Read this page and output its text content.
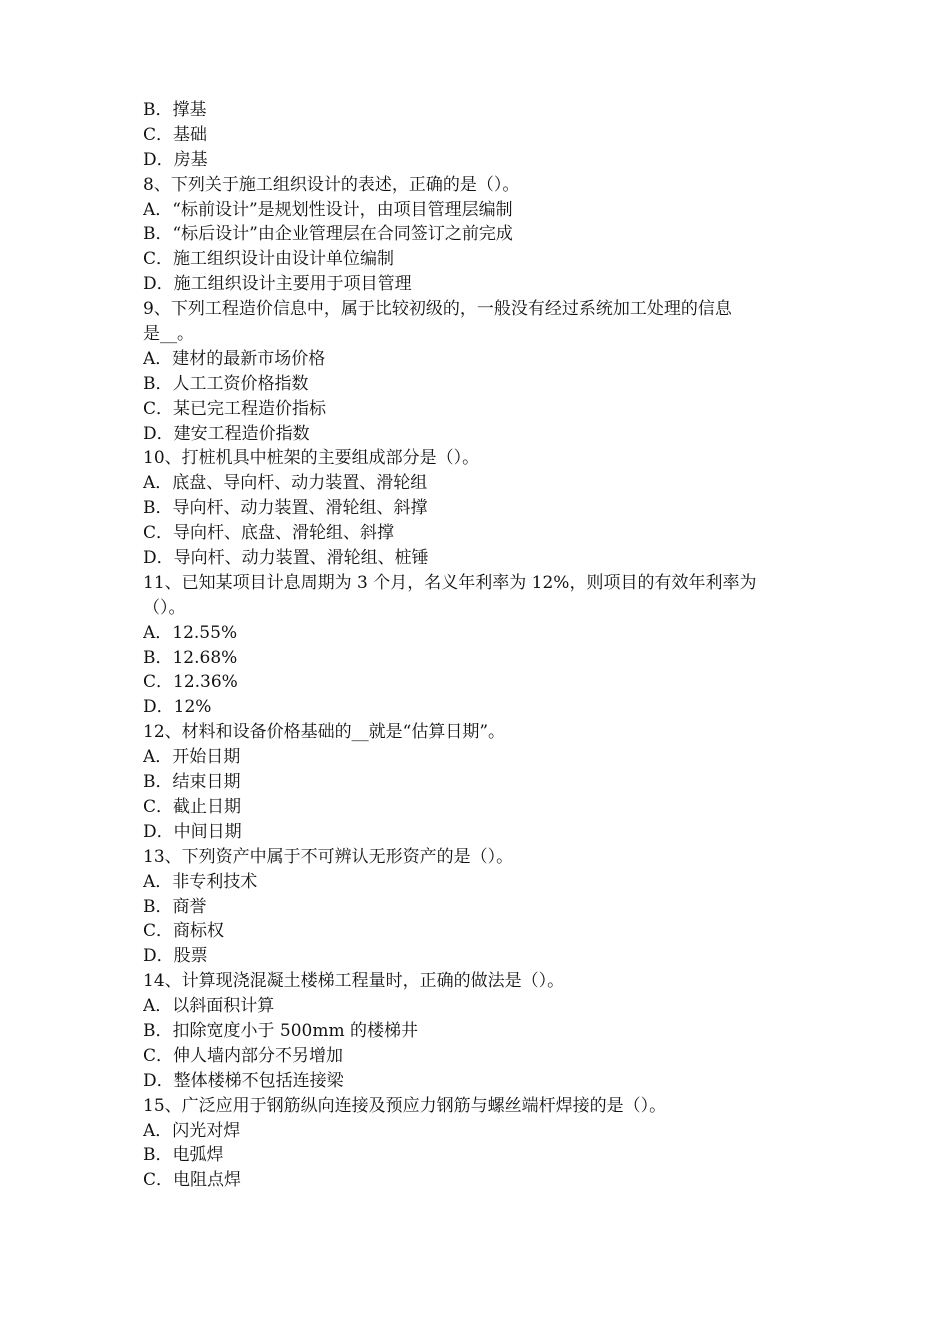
B．撑基
C．基础
D．房基
8、下列关于施工组织设计的表述，正确的是（）。
A．“标前设计”是规划性设计，由项目管理层编制
B．“标后设计”由企业管理层在合同签订之前完成
C．施工组织设计由设计单位编制
D．施工组织设计主要用于项目管理
9、下列工程造价信息中，属于比较初级的，一般没有经过系统加工处理的信息
是__。
A．建材的最新市场价格
B．人工工资价格指数
C．某已完工程造价指标
D．建安工程造价指数
10、打桩机具中桩架的主要组成部分是（）。
A．底盘、导向杆、动力装置、滑轮组
B．导向杆、动力装置、滑轮组、斜撑
C．导向杆、底盘、滑轮组、斜撑
D．导向杆、动力装置、滑轮组、桩锤
11、已知某项目计息周期为 3 个月，名义年利率为 12%，则项目的有效年利率为
（）。
A．12.55%
B．12.68%
C．12.36%
D．12%
12、材料和设备价格基础的__就是“估算日期”。
A．开始日期
B．结束日期
C．截止日期
D．中间日期
13、下列资产中属于不可辨认无形资产的是（）。
A．非专利技术
B．商誉
C．商标权
D．股票
14、计算现浇混凝土楼梯工程量时，正确的做法是（）。
A．以斜面积计算
B．扣除宽度小于 500mm 的楼梯井
C．伸人墙内部分不另增加
D．整体楼梯不包括连接梁
15、广泛应用于钢筋纵向连接及预应力钢筋与螺丝端杆焊接的是（）。
A．闪光对焊
B．电弧焊
C．电阻点焊
